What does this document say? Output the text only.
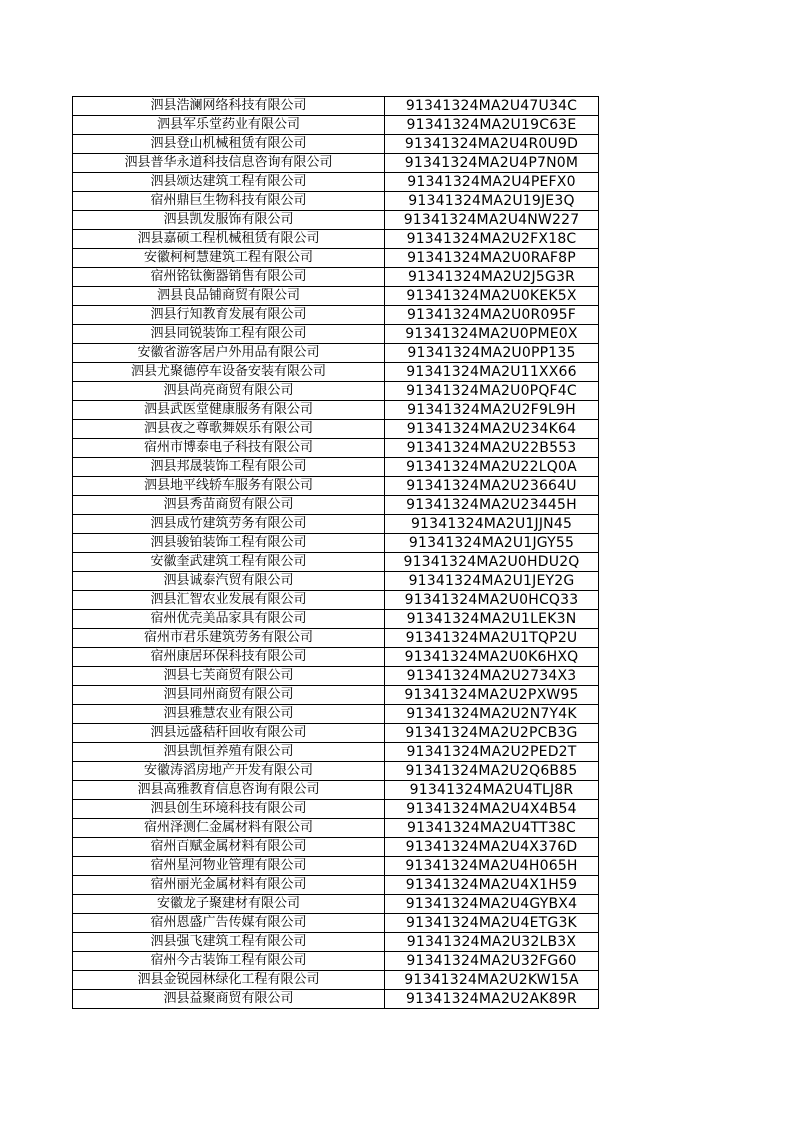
泗县浩澜网络科技有限公司	91341324MA2U47U34C
泗县军乐堂药业有限公司	91341324MA2U19C63E
泗县登山机械租赁有限公司	91341324MA2U4R0U9D
泗县普华永道科技信息咨询有限公司	91341324MA2U4P7N0M
泗县颂达建筑工程有限公司	91341324MA2U4PEFX0
宿州鼎巨生物科技有限公司	91341324MA2U19JE3Q
泗县凯发服饰有限公司	91341324MA2U4NW227
泗县嘉硕工程机械租赁有限公司	91341324MA2U2FX18C
安徽柯柯慧建筑工程有限公司	91341324MA2U0RAF8P
宿州铭钛衡器销售有限公司	91341324MA2U2J5G3R
泗县良品铺商贸有限公司	91341324MA2U0KEK5X
泗县行知教育发展有限公司	91341324MA2U0R095F
泗县同锐装饰工程有限公司	91341324MA2U0PME0X
安徽省游客居户外用品有限公司	91341324MA2U0PP135
泗县尤聚德停车设备安装有限公司	91341324MA2U11XX66
泗县尚亮商贸有限公司	91341324MA2U0PQF4C
泗县武医堂健康服务有限公司	91341324MA2U2F9L9H
泗县夜之尊歌舞娱乐有限公司	91341324MA2U234K64
宿州市博泰电子科技有限公司	91341324MA2U22B553
泗县邦晟装饰工程有限公司	91341324MA2U22LQ0A
泗县地平线轿车服务有限公司	91341324MA2U23664U
泗县秀苗商贸有限公司	91341324MA2U23445H
泗县成竹建筑劳务有限公司	91341324MA2U1JJN45
泗县骏铂装饰工程有限公司	91341324MA2U1JGY55
安徽奎武建筑工程有限公司	91341324MA2U0HDU2Q
泗县诚泰汽贸有限公司	91341324MA2U1JEY2G
泗县汇智农业发展有限公司	91341324MA2U0HCQ33
宿州优壳美品家具有限公司	91341324MA2U1LEK3N
宿州市君乐建筑劳务有限公司	91341324MA2U1TQP2U
宿州康居环保科技有限公司	91341324MA2U0K6HXQ
泗县七芙商贸有限公司	91341324MA2U2734X3
泗县同州商贸有限公司	91341324MA2U2PXW95
泗县雅慧农业有限公司	91341324MA2U2N7Y4K
泗县远盛秸秆回收有限公司	91341324MA2U2PCB3G
泗县凯恒养殖有限公司	91341324MA2U2PED2T
安徽涛滔房地产开发有限公司	91341324MA2U2Q6B85
泗县高雅教育信息咨询有限公司	91341324MA2U4TLJ8R
泗县创生环境科技有限公司	91341324MA2U4X4B54
宿州泽测仁金属材料有限公司	91341324MA2U4TT38C
宿州百赋金属材料有限公司	91341324MA2U4X376D
宿州星河物业管理有限公司	91341324MA2U4H065H
宿州丽光金属材料有限公司	91341324MA2U4X1H59
安徽龙子聚建材有限公司	91341324MA2U4GYBX4
宿州恩盛广告传媒有限公司	91341324MA2U4ETG3K
泗县强飞建筑工程有限公司	91341324MA2U32LB3X
宿州今古装饰工程有限公司	91341324MA2U32FG60
泗县金锐园林绿化工程有限公司	91341324MA2U2KW15A
泗县益聚商贸有限公司	91341324MA2U2AK89R
